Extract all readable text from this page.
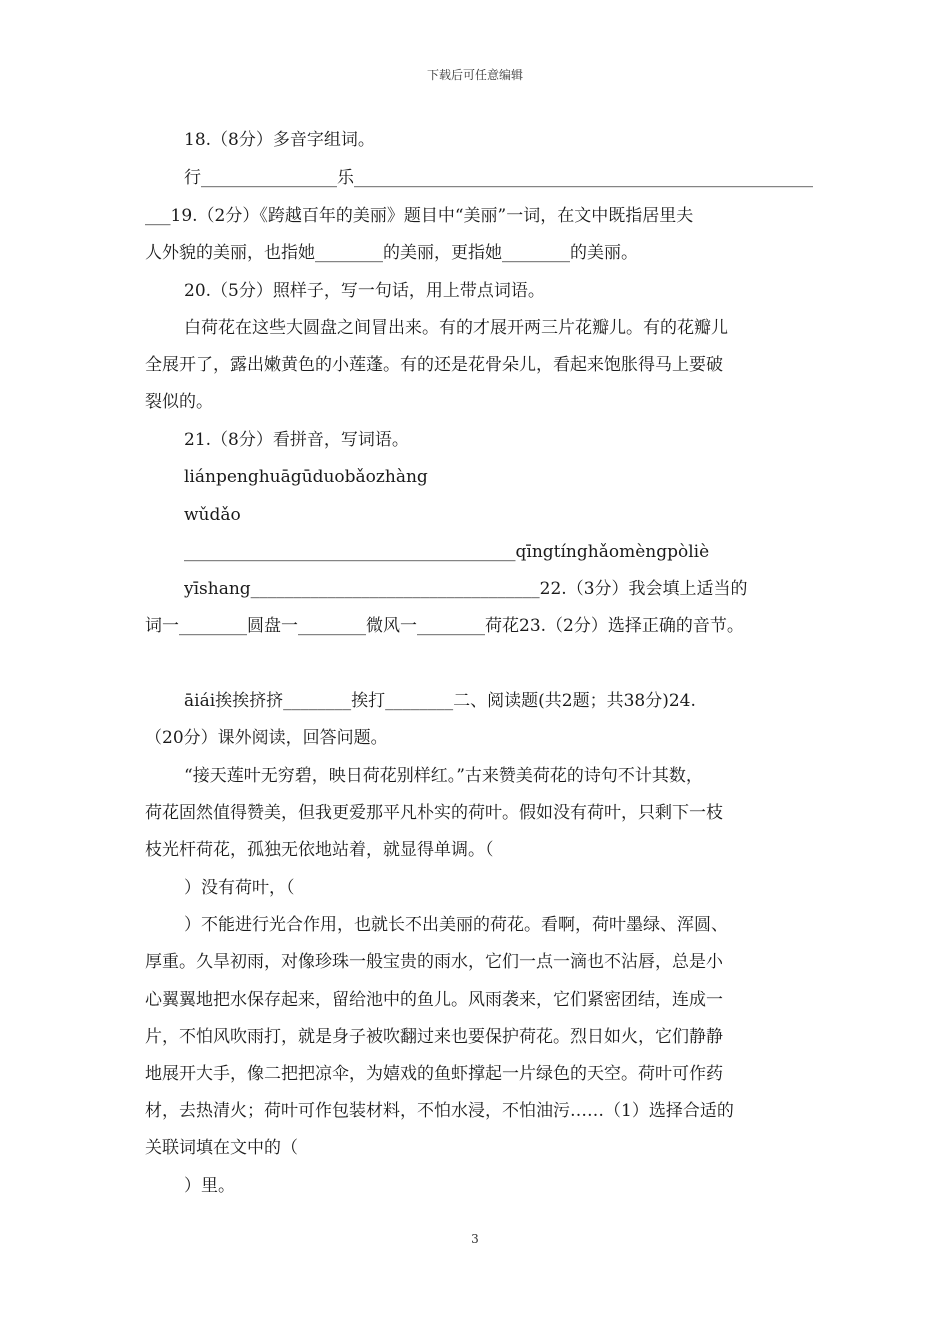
下载后可任意编辑
18.（8分）多音字组词。
行________________乐______________________________________________________
___19.（2分）《跨越百年的美丽》题目中“美丽”一词，在文中既指居里夫
人外貌的美丽，也指她________的美丽，更指她________的美丽。
20.（5分）照样子，写一句话，用上带点词语。
白荷花在这些大圆盘之间冒出来。有的才展开两三片花瓣儿。有的花瓣儿
全展开了，露出嫩黄色的小莲蓬。有的还是花骨朵儿，看起来饱胀得马上要破
裂似的。
21.（8分）看拼音，写词语。
liánpenghuāgūduobǎozhàng
wǔdǎo
_______________________________________qīngtínghǎomèngpòliè
yīshang__________________________________22.（3分）我会填上适当的
词一________圆盘一________微风一________荷花23.（2分）选择正确的音节。
āiái挨挨挤挤________挨打________二、阅读题(共2题；共38分)24.
（20分）课外阅读，回答问题。
“接天莲叶无穷碧，映日荷花别样红。”古来赞美荷花的诗句不计其数，
荷花固然值得赞美，但我更爱那平凡朴实的荷叶。假如没有荷叶，只剩下一枝
枝光杆荷花，孤独无依地站着，就显得单调。（
）没有荷叶，（
）不能进行光合作用，也就长不出美丽的荷花。看啊，荷叶墨绿、浑圆、
厚重。久旱初雨，对像珍珠一般宝贵的雨水，它们一点一滴也不沾唇，总是小
心翼翼地把水保存起来，留给池中的鱼儿。风雨袭来，它们紧密团结，连成一
片，不怕风吹雨打，就是身子被吹翻过来也要保护荷花。烈日如火，它们静静
地展开大手，像二把把凉伞，为嬉戏的鱼虾撑起一片绿色的天空。荷叶可作药
材，去热清火；荷叶可作包装材料，不怕水浸，不怕油污……（1）选择合适的
关联词填在文中的（
）里。
3
